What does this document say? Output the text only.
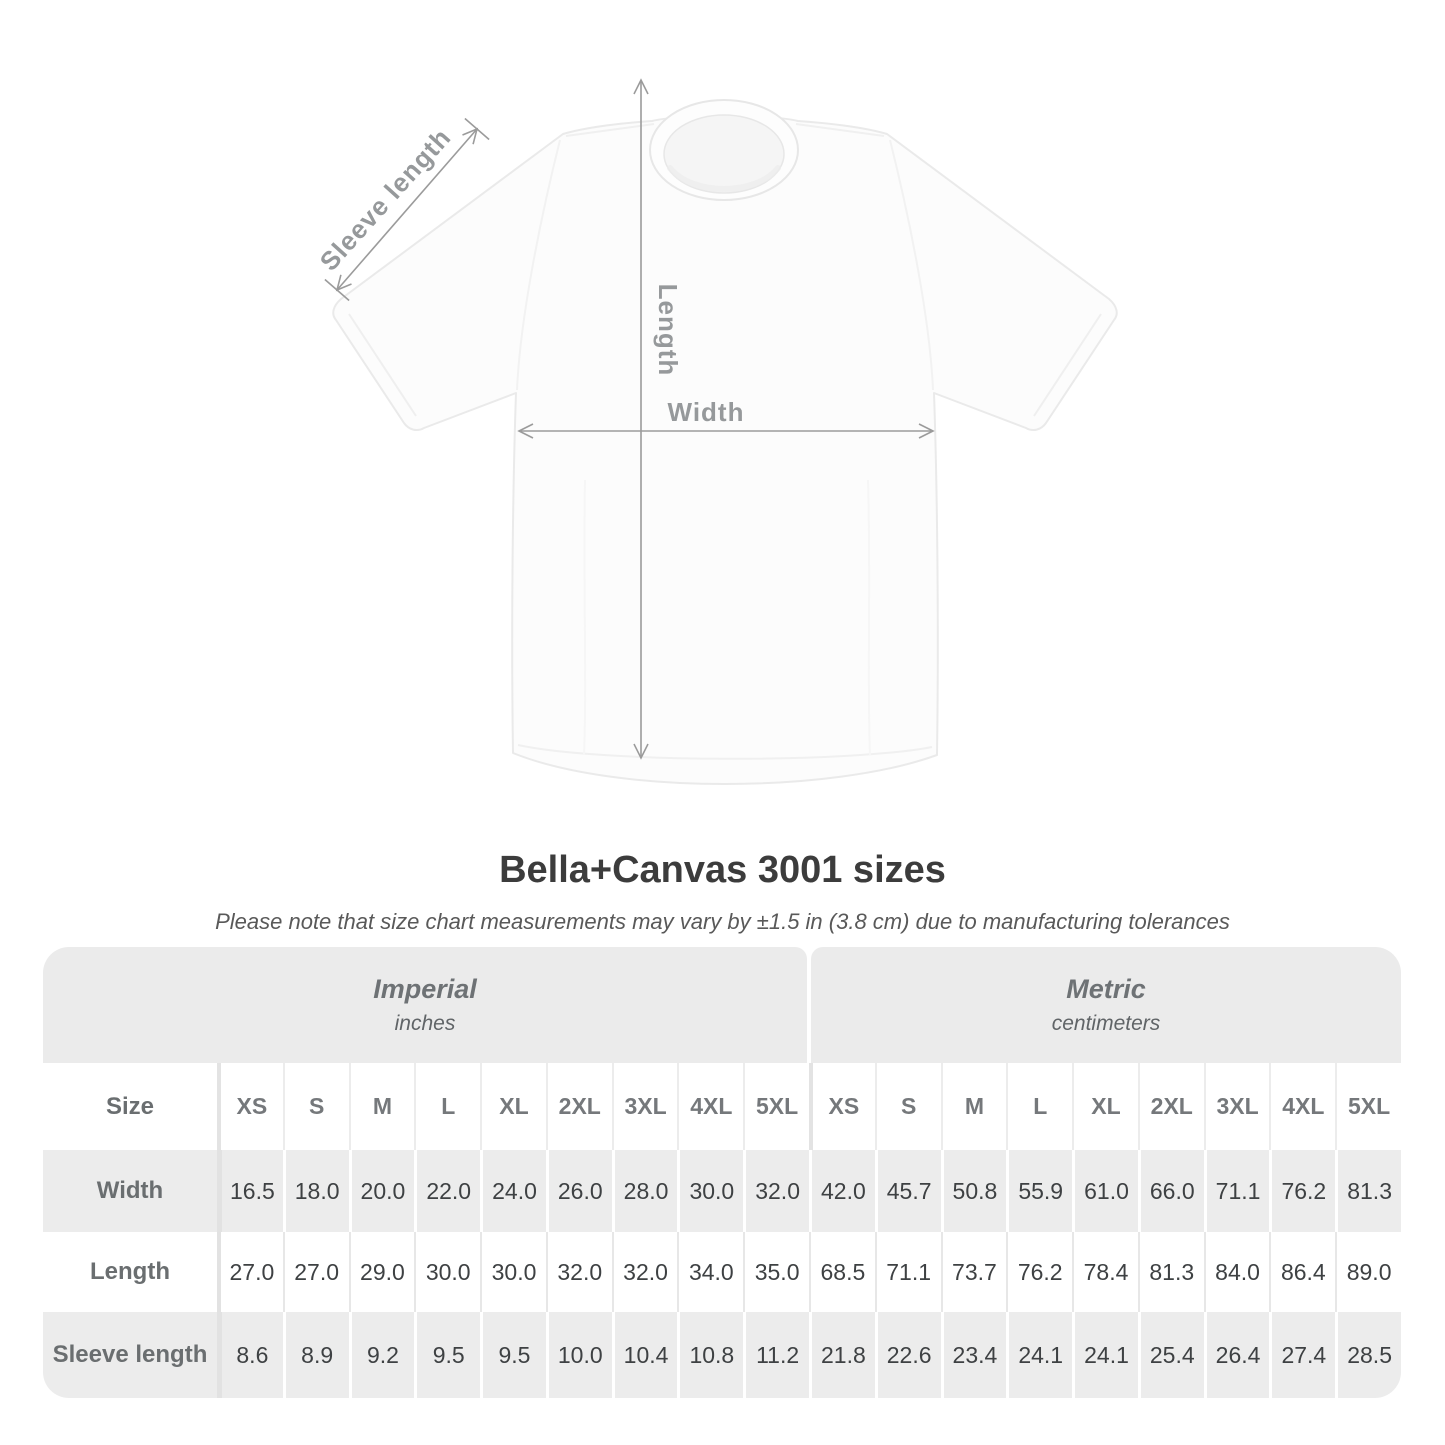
Sleeve length
Length
Width
Bella+Canvas 3001 sizes
Please note that size chart measurements may vary by ±1.5 in (3.8 cm) due to manufacturing tolerances
Imperial
inches
Metric
centimeters
Size	XS	S	M	L	XL	2XL	3XL	4XL	5XL	XS	S	M	L	XL	2XL	3XL	4XL	5XL
Width	16.5 18.0 20.0 22.0 24.0 26.0 28.0 30.0 32.0 42.0 45.7 50.8 55.9 61.0 66.0 71.1 76.2 81.3
Length	27.0 27.0 29.0 30.0 30.0 32.0 32.0 34.0 35.0 68.5 71.1 73.7 76.2 78.4 81.3 84.0 86.4 89.0
Sleeve length	8.6	8.9	9.2	9.5	9.5	10.0 10.4 10.8 11.2 21.8 22.6 23.4 24.1 24.1 25.4 26.4 27.4 28.5
